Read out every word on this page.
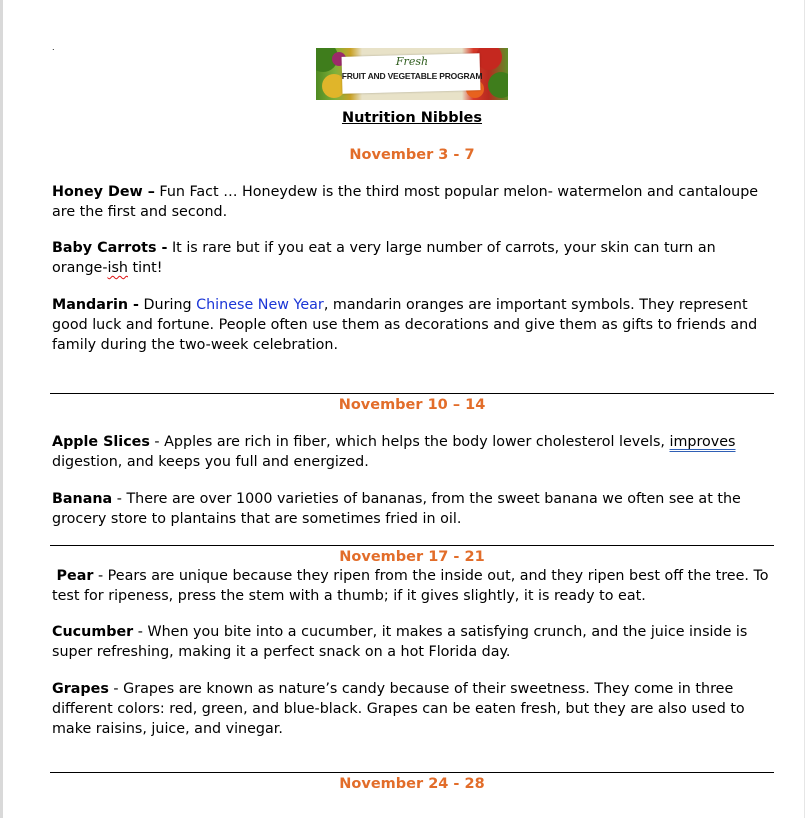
.
Fresh
FRUIT AND VEGETABLE PROGRAM
Nutrition Nibbles
November 3 - 7
Honey Dew – Fun Fact … Honeydew is the third most popular melon- watermelon and cantaloupe are the first and second.
Baby Carrots - It is rare but if you eat a very large number of carrots, your skin can turn an orange-ish tint!
Mandarin - During Chinese New Year, mandarin oranges are important symbols. They represent good luck and fortune. People often use them as decorations and give them as gifts to friends and family during the two-week celebration.
November 10 – 14
Apple Slices - Apples are rich in fiber, which helps the body lower cholesterol levels, improves digestion, and keeps you full and energized.
Banana - There are over 1000 varieties of bananas, from the sweet banana we often see at the grocery store to plantains that are sometimes fried in oil.
November 17 - 21
Pear - Pears are unique because they ripen from the inside out, and they ripen best off the tree. To test for ripeness, press the stem with a thumb; if it gives slightly, it is ready to eat.
Cucumber - When you bite into a cucumber, it makes a satisfying crunch, and the juice inside is super refreshing, making it a perfect snack on a hot Florida day.
Grapes - Grapes are known as nature’s candy because of their sweetness. They come in three different colors: red, green, and blue-black. Grapes can be eaten fresh, but they are also used to make raisins, juice, and vinegar.
November 24 - 28
